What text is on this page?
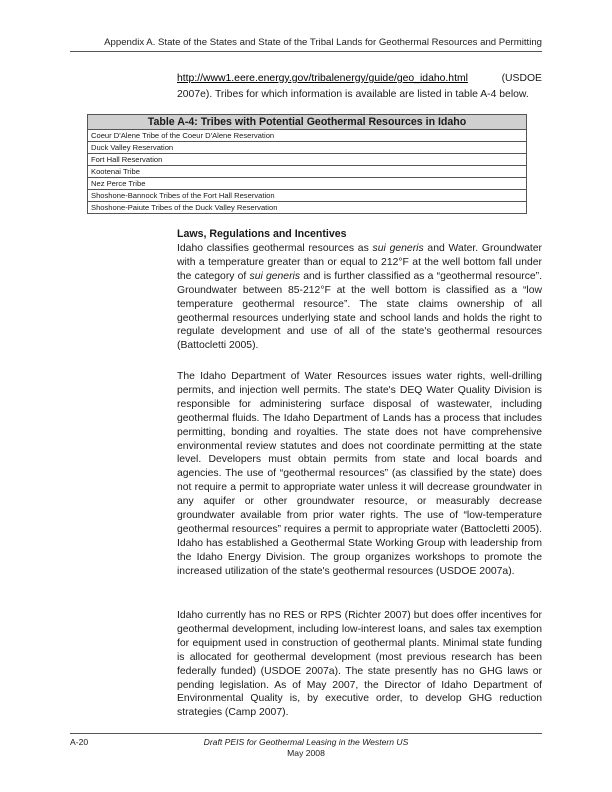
Appendix A. State of the States and State of the Tribal Lands for Geothermal Resources and Permitting
http://www1.eere.energy.gov/tribalenergy/guide/geo_idaho.html	(USDOE
2007e). Tribes for which information is available are listed in table A-4 below.
Table A-4: Tribes with Potential Geothermal Resources in Idaho
Coeur D'Alene Tribe of the Coeur D'Alene Reservation
Duck Valley Reservation
Fort Hall Reservation
Kootenai Tribe
Nez Perce Tribe
Shoshone-Bannock Tribes of the Fort Hall Reservation
Shoshone-Paiute Tribes of the Duck Valley Reservation
Laws, Regulations and Incentives

Idaho classifies geothermal resources as sui generis and Water. Groundwater with a temperature greater than or equal to 212°F at the well bottom fall under the category of sui generis and is further classified as a “geothermal resource”. Groundwater between 85-212°F at the well bottom is classified as a “low temperature geothermal resource”. The state claims ownership of all geothermal resources underlying state and school lands and holds the right to regulate development and use of all of the state's geothermal resources (Battocletti 2005).

The Idaho Department of Water Resources issues water rights, well-drilling permits, and injection well permits. The state's DEQ Water Quality Division is responsible for administering surface disposal of wastewater, including geothermal fluids. The Idaho Department of Lands has a process that includes permitting, bonding and royalties. The state does not have comprehensive environmental review statutes and does not coordinate permitting at the state level. Developers must obtain permits from state and local boards and agencies. The use of “geothermal resources” (as classified by the state) does not require a permit to appropriate water unless it will decrease groundwater in any aquifer or other groundwater resource, or measurably decrease groundwater available from prior water rights. The use of “low-temperature geothermal resources” requires a permit to appropriate water (Battocletti 2005). Idaho has established a Geothermal State Working Group with leadership from the Idaho Energy Division. The group organizes workshops to promote the increased utilization of the state's geothermal resources (USDOE 2007a).

Idaho currently has no RES or RPS (Richter 2007) but does offer incentives for geothermal development, including low-interest loans, and sales tax exemption for equipment used in construction of geothermal plants. Minimal state funding is allocated for geothermal development (most previous research has been federally funded) (USDOE 2007a). The state presently has no GHG laws or pending legislation. As of May 2007, the Director of Idaho Department of Environmental Quality is, by executive order, to develop GHG reduction strategies (Camp 2007).

A-20	Draft PEIS for Geothermal Leasing in the Western US
May 2008
